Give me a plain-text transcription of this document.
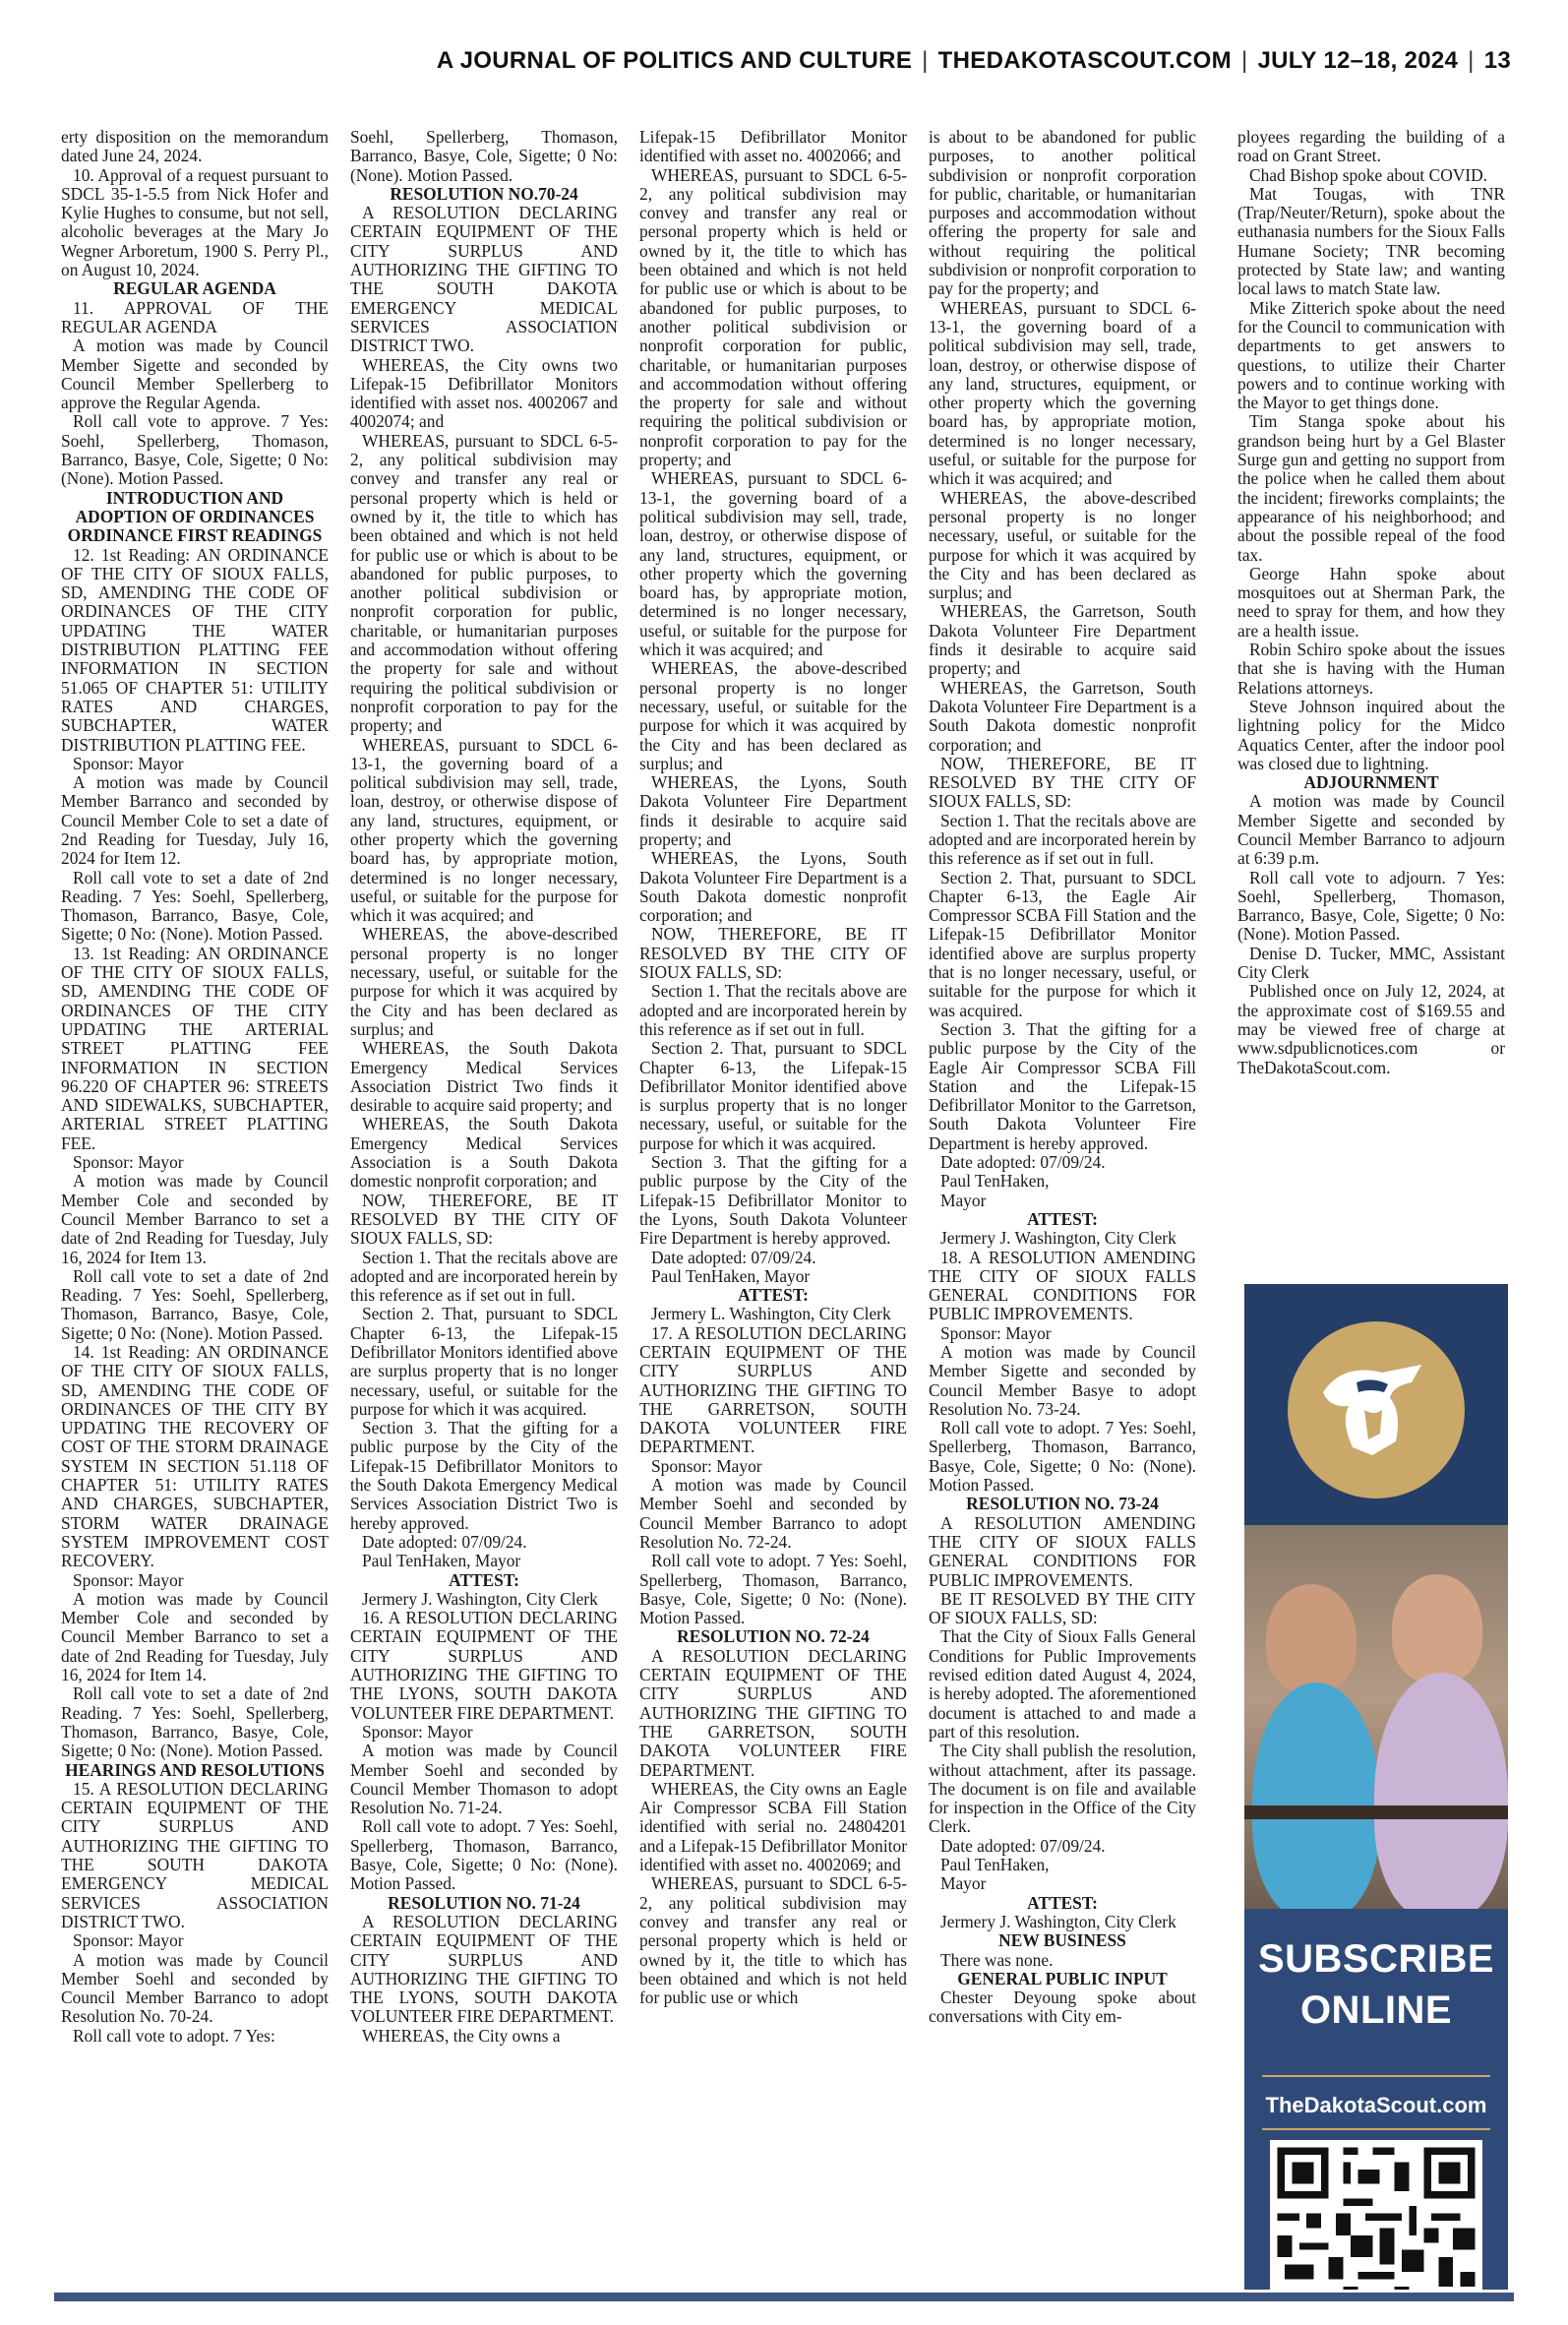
A JOURNAL OF POLITICS AND CULTURE | THEDAKOTASCOUT.COM | JULY 12–18, 2024 | 13

erty disposition on the memorandum dated June 24, 2024.

10. Approval of a request pursuant to SDCL 35-1-5.5 from Nick Hofer and Kylie Hughes to consume, but not sell, alcoholic beverages at the Mary Jo Wegner Arboretum, 1900 S. Perry Pl., on August 10, 2024.

REGULAR AGENDA

11. APPROVAL OF THE REGULAR AGENDA

A motion was made by Council Member Sigette and seconded by Council Member Spellerberg to approve the Regular Agenda.

Roll call vote to approve. 7 Yes: Soehl, Spellerberg, Thomason, Barranco, Basye, Cole, Sigette; 0 No: (None). Motion Passed.

INTRODUCTION AND ADOPTION OF ORDINANCES ORDINANCE FIRST READINGS

12. 1st Reading: AN ORDINANCE OF THE CITY OF SIOUX FALLS, SD, AMENDING THE CODE OF ORDINANCES OF THE CITY UPDATING THE WATER DISTRIBUTION PLATTING FEE INFORMATION IN SECTION 51.065 OF CHAPTER 51: UTILITY RATES AND CHARGES, SUBCHAPTER, WATER DISTRIBUTION PLATTING FEE.

Sponsor: Mayor

A motion was made by Council Member Barranco and seconded by Council Member Cole to set a date of 2nd Reading for Tuesday, July 16, 2024 for Item 12.

Roll call vote to set a date of 2nd Reading. 7 Yes: Soehl, Spellerberg, Thomason, Barranco, Basye, Cole, Sigette; 0 No: (None). Motion Passed.

13. 1st Reading: AN ORDINANCE OF THE CITY OF SIOUX FALLS, SD, AMENDING THE CODE OF ORDINANCES OF THE CITY UPDATING THE ARTERIAL STREET PLATTING FEE INFORMATION IN SECTION 96.220 OF CHAPTER 96: STREETS AND SIDEWALKS, SUBCHAPTER, ARTERIAL STREET PLATTING FEE.

Sponsor: Mayor

A motion was made by Council Member Cole and seconded by Council Member Barranco to set a date of 2nd Reading for Tuesday, July 16, 2024 for Item 13.

Roll call vote to set a date of 2nd Reading. 7 Yes: Soehl, Spellerberg, Thomason, Barranco, Basye, Cole, Sigette; 0 No: (None). Motion Passed.

14. 1st Reading: AN ORDINANCE OF THE CITY OF SIOUX FALLS, SD, AMENDING THE CODE OF ORDINANCES OF THE CITY BY UPDATING THE RECOVERY OF COST OF THE STORM DRAINAGE SYSTEM IN SECTION 51.118 OF CHAPTER 51: UTILITY RATES AND CHARGES, SUBCHAPTER, STORM WATER DRAINAGE SYSTEM IMPROVEMENT COST RECOVERY.

Sponsor: Mayor

A motion was made by Council Member Cole and seconded by Council Member Barranco to set a date of 2nd Reading for Tuesday, July 16, 2024 for Item 14.

Roll call vote to set a date of 2nd Reading. 7 Yes: Soehl, Spellerberg, Thomason, Barranco, Basye, Cole, Sigette; 0 No: (None). Motion Passed.

HEARINGS AND RESOLUTIONS

15. A RESOLUTION DECLARING CERTAIN EQUIPMENT OF THE CITY SURPLUS AND AUTHORIZING THE GIFTING TO THE SOUTH DAKOTA EMERGENCY MEDICAL SERVICES ASSOCIATION DISTRICT TWO.

Sponsor: Mayor

A motion was made by Council Member Soehl and seconded by Council Member Barranco to adopt Resolution No. 70-24.

Roll call vote to adopt. 7 Yes:

Soehl, Spellerberg, Thomason, Barranco, Basye, Cole, Sigette; 0 No: (None). Motion Passed.

RESOLUTION NO.70-24

A RESOLUTION DECLARING CERTAIN EQUIPMENT OF THE CITY SURPLUS AND AUTHORIZING THE GIFTING TO THE SOUTH DAKOTA EMERGENCY MEDICAL SERVICES ASSOCIATION DISTRICT TWO.

WHEREAS, the City owns two Lifepak-15 Defibrillator Monitors identified with asset nos. 4002067 and 4002074; and

WHEREAS, pursuant to SDCL 6-5-2, any political subdivision may convey and transfer any real or personal property which is held or owned by it, the title to which has been obtained and which is not held for public use or which is about to be abandoned for public purposes, to another political subdivision or nonprofit corporation for public, charitable, or humanitarian purposes and accommodation without offering the property for sale and without requiring the political subdivision or nonprofit corporation to pay for the property; and

WHEREAS, pursuant to SDCL 6-13-1, the governing board of a political subdivision may sell, trade, loan, destroy, or otherwise dispose of any land, structures, equipment, or other property which the governing board has, by appropriate motion, determined is no longer necessary, useful, or suitable for the purpose for which it was acquired; and

WHEREAS, the above-described personal property is no longer necessary, useful, or suitable for the purpose for which it was acquired by the City and has been declared as surplus; and

WHEREAS, the South Dakota Emergency Medical Services Association District Two finds it desirable to acquire said property; and

WHEREAS, the South Dakota Emergency Medical Services Association is a South Dakota domestic nonprofit corporation; and

NOW, THEREFORE, BE IT RESOLVED BY THE CITY OF SIOUX FALLS, SD:

Section 1. That the recitals above are adopted and are incorporated herein by this reference as if set out in full.

Section 2. That, pursuant to SDCL Chapter 6-13, the Lifepak-15 Defibrillator Monitors identified above are surplus property that is no longer necessary, useful, or suitable for the purpose for which it was acquired.

Section 3. That the gifting for a public purpose by the City of the Lifepak-15 Defibrillator Monitors to the South Dakota Emergency Medical Services Association District Two is hereby approved.

Date adopted: 07/09/24.

Paul TenHaken, Mayor

ATTEST:

Jermery J. Washington, City Clerk

16. A RESOLUTION DECLARING CERTAIN EQUIPMENT OF THE CITY SURPLUS AND AUTHORIZING THE GIFTING TO THE LYONS, SOUTH DAKOTA VOLUNTEER FIRE DEPARTMENT.

Sponsor: Mayor

A motion was made by Council Member Soehl and seconded by Council Member Thomason to adopt Resolution No. 71-24.

Roll call vote to adopt. 7 Yes: Soehl, Spellerberg, Thomason, Barranco, Basye, Cole, Sigette; 0 No: (None). Motion Passed.

RESOLUTION NO. 71-24

A RESOLUTION DECLARING CERTAIN EQUIPMENT OF THE CITY SURPLUS AND AUTHORIZING THE GIFTING TO THE LYONS, SOUTH DAKOTA VOLUNTEER FIRE DEPARTMENT.

WHEREAS, the City owns a

Lifepak-15 Defibrillator Monitor identified with asset no. 4002066; and

WHEREAS, pursuant to SDCL 6-5-2, any political subdivision may convey and transfer any real or personal property which is held or owned by it, the title to which has been obtained and which is not held for public use or which is about to be abandoned for public purposes, to another political subdivision or nonprofit corporation for public, charitable, or humanitarian purposes and accommodation without offering the property for sale and without requiring the political subdivision or nonprofit corporation to pay for the property; and

WHEREAS, pursuant to SDCL 6-13-1, the governing board of a political subdivision may sell, trade, loan, destroy, or otherwise dispose of any land, structures, equipment, or other property which the governing board has, by appropriate motion, determined is no longer necessary, useful, or suitable for the purpose for which it was acquired; and

WHEREAS, the above-described personal property is no longer necessary, useful, or suitable for the purpose for which it was acquired by the City and has been declared as surplus; and

WHEREAS, the Lyons, South Dakota Volunteer Fire Department finds it desirable to acquire said property; and

WHEREAS, the Lyons, South Dakota Volunteer Fire Department is a South Dakota domestic nonprofit corporation; and

NOW, THEREFORE, BE IT RESOLVED BY THE CITY OF SIOUX FALLS, SD:

Section 1. That the recitals above are adopted and are incorporated herein by this reference as if set out in full.

Section 2. That, pursuant to SDCL Chapter 6-13, the Lifepak-15 Defibrillator Monitor identified above is surplus property that is no longer necessary, useful, or suitable for the purpose for which it was acquired.

Section 3. That the gifting for a public purpose by the City of the Lifepak-15 Defibrillator Monitor to the Lyons, South Dakota Volunteer Fire Department is hereby approved.

Date adopted: 07/09/24.

Paul TenHaken, Mayor

ATTEST:

Jermery L. Washington, City Clerk

17. A RESOLUTION DECLARING CERTAIN EQUIPMENT OF THE CITY SURPLUS AND AUTHORIZING THE GIFTING TO THE GARRETSON, SOUTH DAKOTA VOLUNTEER FIRE DEPARTMENT.

Sponsor: Mayor

A motion was made by Council Member Soehl and seconded by Council Member Barranco to adopt Resolution No. 72-24.

Roll call vote to adopt. 7 Yes: Soehl, Spellerberg, Thomason, Barranco, Basye, Cole, Sigette; 0 No: (None). Motion Passed.

RESOLUTION NO. 72-24

A RESOLUTION DECLARING CERTAIN EQUIPMENT OF THE CITY SURPLUS AND AUTHORIZING THE GIFTING TO THE GARRETSON, SOUTH DAKOTA VOLUNTEER FIRE DEPARTMENT.

WHEREAS, the City owns an Eagle Air Compressor SCBA Fill Station identified with serial no. 24804201 and a Lifepak-15 Defibrillator Monitor identified with asset no. 4002069; and

WHEREAS, pursuant to SDCL 6-5-2, any political subdivision may convey and transfer any real or personal property which is held or owned by it, the title to which has been obtained and which is not held for public use or which

is about to be abandoned for public purposes, to another political subdivision or nonprofit corporation for public, charitable, or humanitarian purposes and accommodation without offering the property for sale and without requiring the political subdivision or nonprofit corporation to pay for the property; and

WHEREAS, pursuant to SDCL 6-13-1, the governing board of a political subdivision may sell, trade, loan, destroy, or otherwise dispose of any land, structures, equipment, or other property which the governing board has, by appropriate motion, determined is no longer necessary, useful, or suitable for the purpose for which it was acquired; and

WHEREAS, the above-described personal property is no longer necessary, useful, or suitable for the purpose for which it was acquired by the City and has been declared as surplus; and

WHEREAS, the Garretson, South Dakota Volunteer Fire Department finds it desirable to acquire said property; and

WHEREAS, the Garretson, South Dakota Volunteer Fire Department is a South Dakota domestic nonprofit corporation; and

NOW, THEREFORE, BE IT RESOLVED BY THE CITY OF SIOUX FALLS, SD:

Section 1. That the recitals above are adopted and are incorporated herein by this reference as if set out in full.

Section 2. That, pursuant to SDCL Chapter 6-13, the Eagle Air Compressor SCBA Fill Station and the Lifepak-15 Defibrillator Monitor identified above are surplus property that is no longer necessary, useful, or suitable for the purpose for which it was acquired.

Section 3. That the gifting for a public purpose by the City of the Eagle Air Compressor SCBA Fill Station and the Lifepak-15 Defibrillator Monitor to the Garretson, South Dakota Volunteer Fire Department is hereby approved.

Date adopted: 07/09/24.

Paul TenHaken,

Mayor

ATTEST:

Jermery J. Washington, City Clerk

18. A RESOLUTION AMENDING THE CITY OF SIOUX FALLS GENERAL CONDITIONS FOR PUBLIC IMPROVEMENTS.

Sponsor: Mayor

A motion was made by Council Member Sigette and seconded by Council Member Basye to adopt Resolution No. 73-24.

Roll call vote to adopt. 7 Yes: Soehl, Spellerberg, Thomason, Barranco, Basye, Cole, Sigette; 0 No: (None). Motion Passed.

RESOLUTION NO. 73-24

A RESOLUTION AMENDING THE CITY OF SIOUX FALLS GENERAL CONDITIONS FOR PUBLIC IMPROVEMENTS.

BE IT RESOLVED BY THE CITY OF SIOUX FALLS, SD:

That the City of Sioux Falls General Conditions for Public Improvements revised edition dated August 4, 2024, is hereby adopted. The aforementioned document is attached to and made a part of this resolution.

The City shall publish the resolution, without attachment, after its passage. The document is on file and available for inspection in the Office of the City Clerk.

Date adopted: 07/09/24.

Paul TenHaken,

Mayor

ATTEST:

Jermery J. Washington, City Clerk

NEW BUSINESS

There was none.

GENERAL PUBLIC INPUT

Chester Deyoung spoke about conversations with City em-

ployees regarding the building of a road on Grant Street.

Chad Bishop spoke about COVID.

Mat Tougas, with TNR (Trap/Neuter/Return), spoke about the euthanasia numbers for the Sioux Falls Humane Society; TNR becoming protected by State law; and wanting local laws to match State law.

Mike Zitterich spoke about the need for the Council to communication with departments to get answers to questions, to utilize their Charter powers and to continue working with the Mayor to get things done.

Tim Stanga spoke about his grandson being hurt by a Gel Blaster Surge gun and getting no support from the police when he called them about the incident; fireworks complaints; the appearance of his neighborhood; and about the possible repeal of the food tax.

George Hahn spoke about mosquitoes out at Sherman Park, the need to spray for them, and how they are a health issue.

Robin Schiro spoke about the issues that she is having with the Human Relations attorneys.

Steve Johnson inquired about the lightning policy for the Midco Aquatics Center, after the indoor pool was closed due to lightning.

ADJOURNMENT

A motion was made by Council Member Sigette and seconded by Council Member Barranco to adjourn at 6:39 p.m.

Roll call vote to adjourn. 7 Yes: Soehl, Spellerberg, Thomason, Barranco, Basye, Cole, Sigette; 0 No: (None). Motion Passed.

Denise D. Tucker, MMC, Assistant City Clerk

Published once on July 12, 2024, at the approximate cost of $169.55 and may be viewed free of charge at www.sdpublicnotices.com or TheDakotaScout.com.

SUBSCRIBE
ONLINE
TheDakotaScout.com
